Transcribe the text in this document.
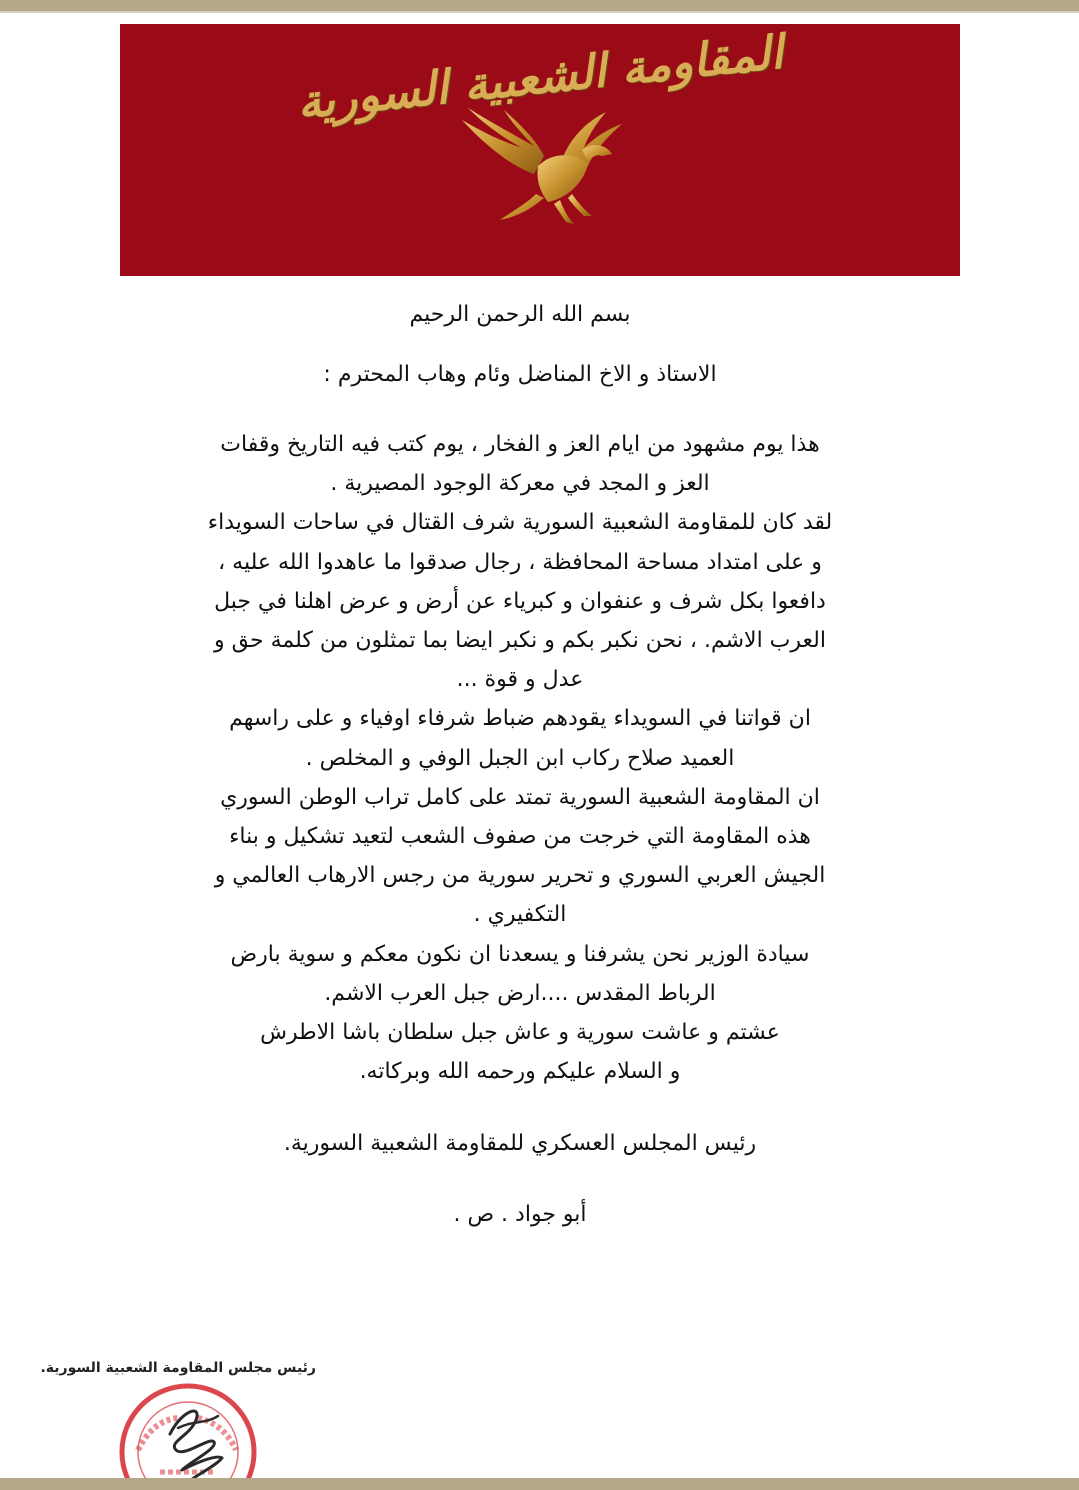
المقاومة الشعبية السورية

بسم الله الرحمن الرحيم

الاستاذ و الاخ المناضل وئام وهاب المحترم :

هذا يوم مشهود من ايام العز و الفخار ، يوم كتب فيه التاريخ وقفات

العز و المجد في معركة الوجود المصيرية .

لقد كان للمقاومة الشعبية السورية شرف القتال في ساحات السويداء

و على امتداد مساحة المحافظة ، رجال صدقوا ما عاهدوا الله عليه ،

دافعوا بكل شرف و عنفوان و كبرياء عن أرض و عرض اهلنا في جبل

العرب الاشم. ، نحن نكبر بكم و نكبر ايضا بما تمثلون من كلمة حق و

عدل و قوة ...

ان قواتنا في السويداء يقودهم ضباط شرفاء اوفياء و على راسهم

العميد صلاح ركاب ابن الجبل الوفي و المخلص .

ان المقاومة الشعبية السورية تمتد على كامل تراب الوطن السوري

هذه المقاومة التي خرجت من صفوف الشعب لتعيد تشكيل و بناء

الجيش العربي السوري و تحرير سورية من رجس الارهاب العالمي و

التكفيري .

سيادة الوزير نحن يشرفنا و يسعدنا ان نكون معكم و سوية بارض

الرباط المقدس ....ارض جبل العرب الاشم.

عشتم و عاشت سورية و عاش جبل سلطان باشا الاطرش

و السلام عليكم ورحمه الله وبركاته.

رئيس المجلس العسكري للمقاومة الشعبية السورية.

أبو جواد . ص .

رئيس مجلس المقاومة الشعبية السورية.
